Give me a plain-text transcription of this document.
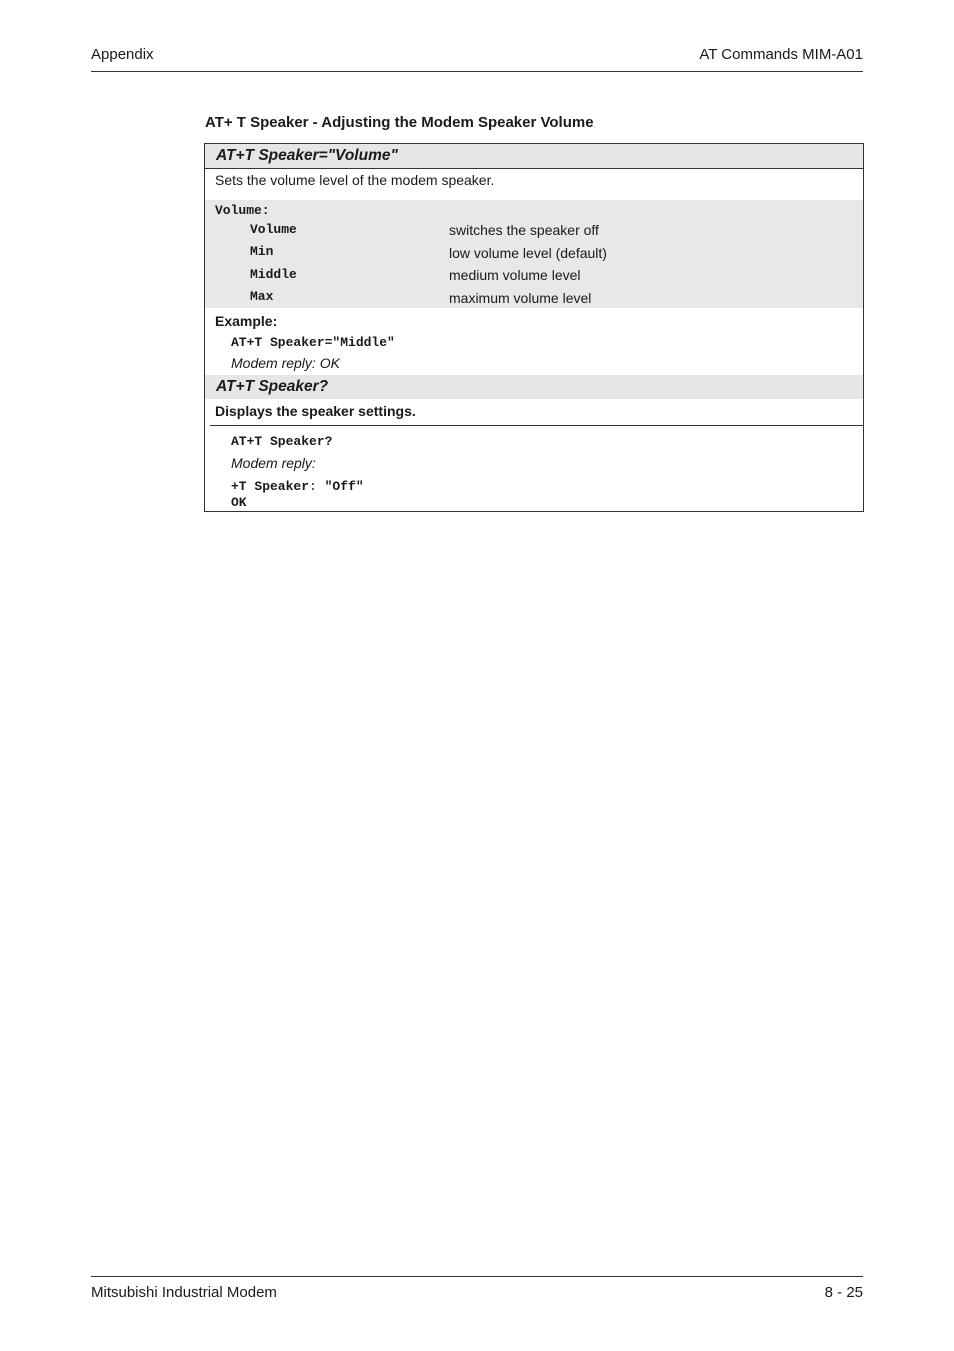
Appendix	AT Commands MIM-A01
AT+ T Speaker - Adjusting the Modem Speaker Volume
AT+T Speaker="Volume"
Sets the volume level of the modem speaker.
Volume:
Volume	switches the speaker off
Min	low volume level (default)
Middle	medium volume level
Max	maximum volume level
Example:
AT+T Speaker="Middle"
Modem reply: OK
AT+T Speaker?
Displays the speaker settings.
AT+T Speaker?
Modem reply:
+T Speaker: "Off"
OK
Mitsubishi Industrial Modem	8 - 25
